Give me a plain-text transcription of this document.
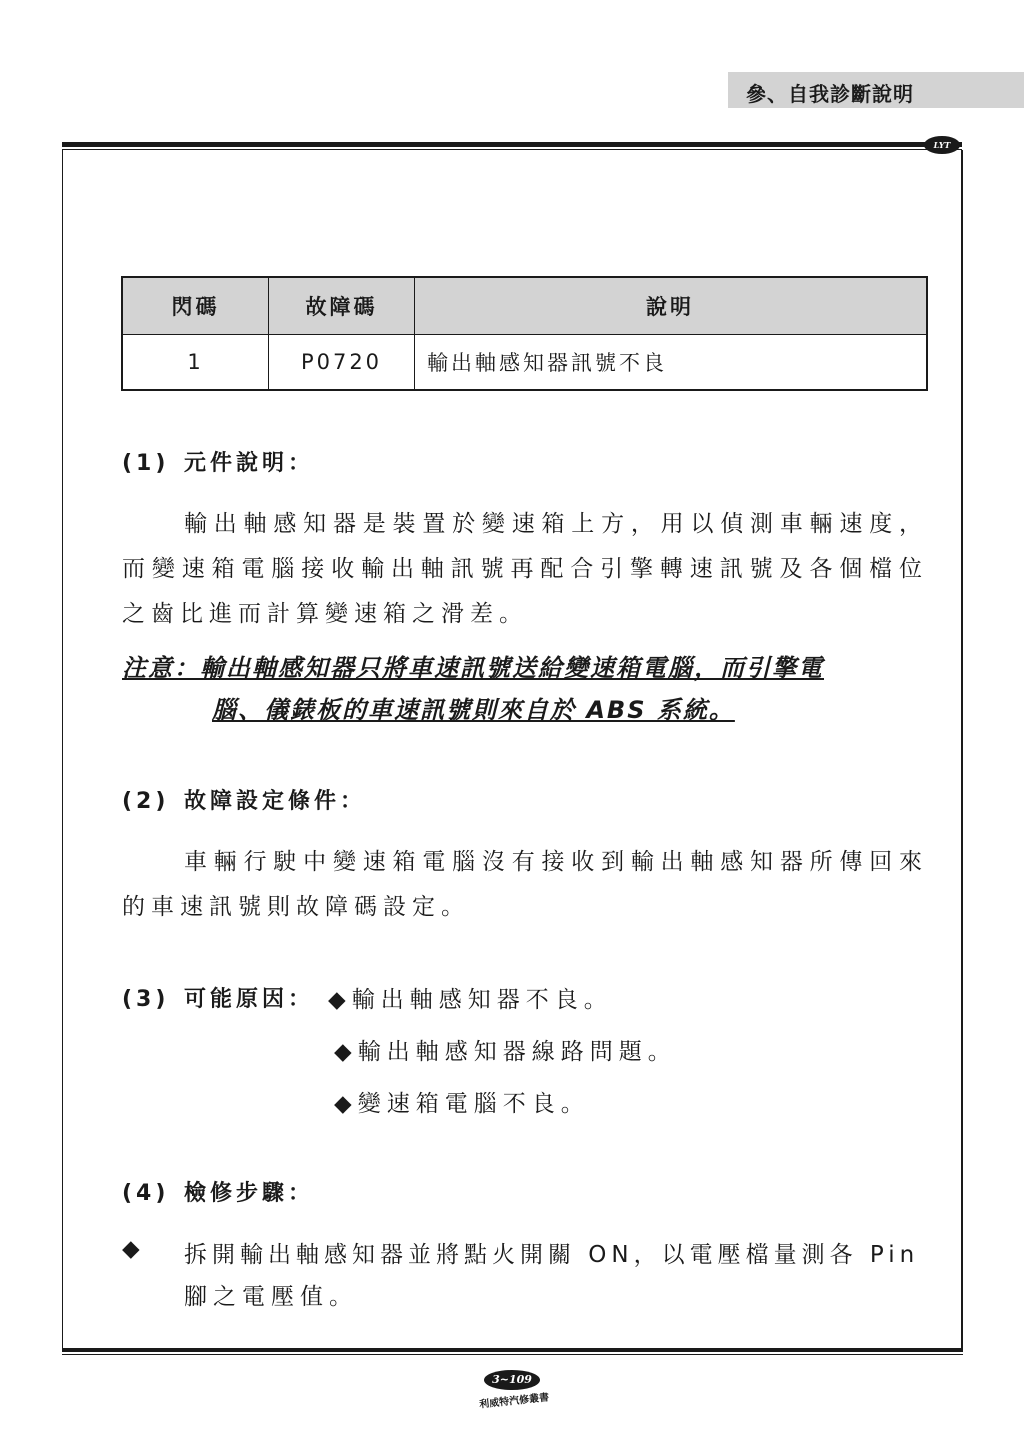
參、自我診斷說明
LYT
閃碼	故障碼	說明
1	P0720	輸出軸感知器訊號不良
(1) 元件說明：
輸出軸感知器是裝置於變速箱上方，用以偵測車輛速度，而變速箱電腦接收輸出軸訊號再配合引擎轉速訊號及各個檔位之齒比進而計算變速箱之滑差。
注意：輸出軸感知器只將車速訊號送給變速箱電腦，而引擎電
腦、儀錶板的車速訊號則來自於 ABS 系統。
(2) 故障設定條件：
車輛行駛中變速箱電腦沒有接收到輸出軸感知器所傳回來的車速訊號則故障碼設定。
(3) 可能原因： ◆ 輸出軸感知器不良。
◆ 輸出軸感知器線路問題。
◆ 變速箱電腦不良。
(4) 檢修步驟：
◆ 拆開輸出軸感知器並將點火開關 ON，以電壓檔量測各 Pin
腳之電壓值。
3~109
利威特汽修叢書
